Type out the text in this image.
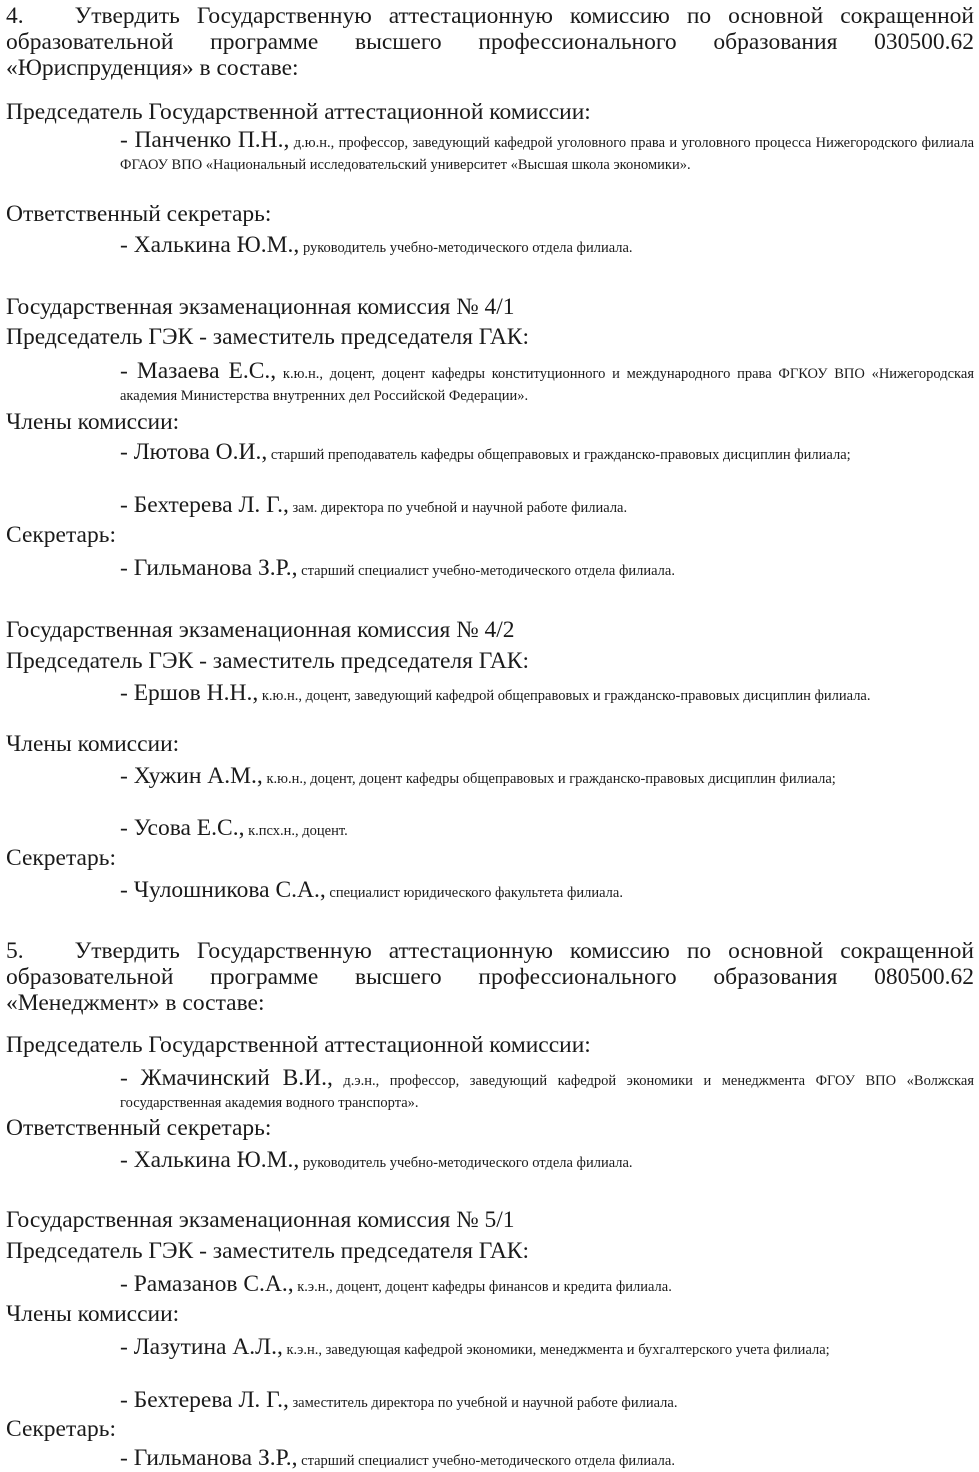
4.   Утвердить Государственную аттестационную комиссию по основной сокращенной образовательной программе высшего профессионального образования 030500.62 «Юриспруденция» в составе:
Председатель Государственной аттестационной комиссии:
- Панченко П.Н., д.ю.н., профессор, заведующий кафедрой уголовного права и уголовного процесса Нижегородского филиала ФГАОУ ВПО «Национальный исследовательский университет «Высшая школа экономики».
Ответственный секретарь:
- Халькина Ю.М., руководитель учебно-методического отдела филиала.
Государственная экзаменационная комиссия № 4/1
Председатель ГЭК - заместитель председателя ГАК:
- Мазаева Е.С., к.ю.н., доцент, доцент кафедры конституционного и международного права ФГКОУ ВПО «Нижегородская академия Министерства внутренних дел Российской Федерации».
Члены комиссии:
- Лютова О.И., старший преподаватель кафедры общеправовых и гражданско-правовых дисциплин филиала;
- Бехтерева Л. Г., зам. директора по учебной и научной работе филиала.
Секретарь:
- Гильманова З.Р., старший специалист учебно-методического отдела филиала.
Государственная экзаменационная комиссия № 4/2
Председатель ГЭК - заместитель председателя ГАК:
- Ершов Н.Н., к.ю.н., доцент, заведующий кафедрой общеправовых и гражданско-правовых дисциплин филиала.
Члены комиссии:
- Хужин А.М., к.ю.н., доцент, доцент кафедры общеправовых и гражданско-правовых дисциплин филиала;
- Усова Е.С., к.псх.н., доцент.
Секретарь:
- Чулошникова С.А., специалист юридического факультета филиала.
5.   Утвердить Государственную аттестационную комиссию по основной сокращенной образовательной программе высшего профессионального образования 080500.62 «Менеджмент» в составе:
Председатель Государственной аттестационной комиссии:
- Жмачинский В.И., д.э.н., профессор, заведующий кафедрой экономики и менеджмента ФГОУ ВПО «Волжская государственная академия водного транспорта».
Ответственный секретарь:
- Халькина Ю.М., руководитель учебно-методического отдела филиала.
Государственная экзаменационная комиссия № 5/1
Председатель ГЭК - заместитель председателя ГАК:
- Рамазанов С.А., к.э.н., доцент, доцент кафедры финансов и кредита филиала.
Члены комиссии:
- Лазутина А.Л., к.э.н., заведующая кафедрой экономики, менеджмента и бухгалтерского учета филиала;
- Бехтерева Л. Г., заместитель директора по учебной и научной работе филиала.
Секретарь:
- Гильманова З.Р., старший специалист учебно-методического отдела филиала.
